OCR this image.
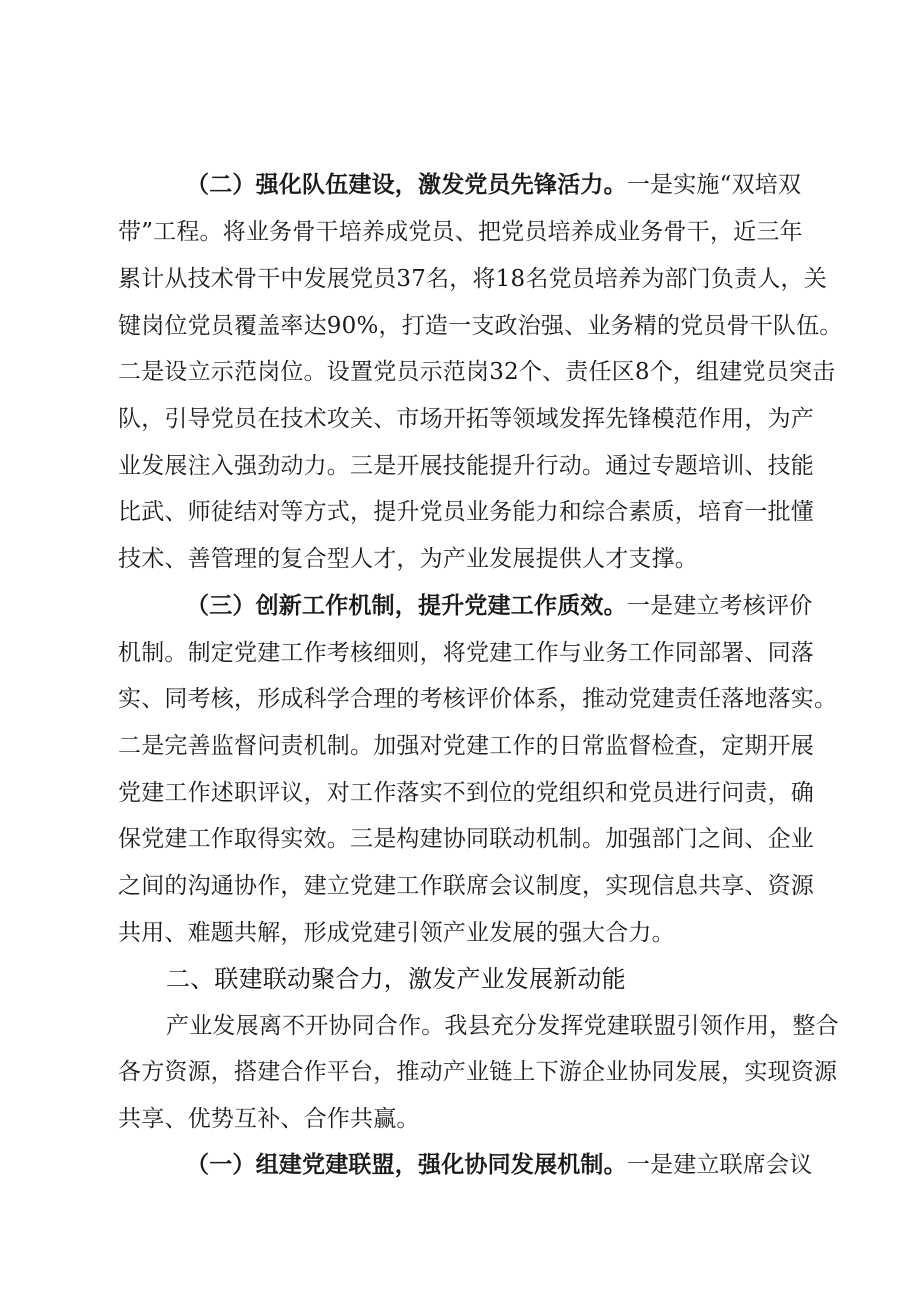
（二）强化队伍建设，激发党员先锋活力。一是实施“双培双
带”工程。将业务骨干培养成党员、把党员培养成业务骨干，近三年
累计从技术骨干中发展党员37名，将18名党员培养为部门负责人，关
键岗位党员覆盖率达90%，打造一支政治强、业务精的党员骨干队伍。
二是设立示范岗位。设置党员示范岗32个、责任区8个，组建党员突击
队，引导党员在技术攻关、市场开拓等领域发挥先锋模范作用，为产
业发展注入强劲动力。三是开展技能提升行动。通过专题培训、技能
比武、师徒结对等方式，提升党员业务能力和综合素质，培育一批懂
技术、善管理的复合型人才，为产业发展提供人才支撑。
（三）创新工作机制，提升党建工作质效。一是建立考核评价
机制。制定党建工作考核细则，将党建工作与业务工作同部署、同落
实、同考核，形成科学合理的考核评价体系，推动党建责任落地落实。
二是完善监督问责机制。加强对党建工作的日常监督检查，定期开展
党建工作述职评议，对工作落实不到位的党组织和党员进行问责，确
保党建工作取得实效。三是构建协同联动机制。加强部门之间、企业
之间的沟通协作，建立党建工作联席会议制度，实现信息共享、资源
共用、难题共解，形成党建引领产业发展的强大合力。
二、联建联动聚合力，激发产业发展新动能
产业发展离不开协同合作。我县充分发挥党建联盟引领作用，整合
各方资源，搭建合作平台，推动产业链上下游企业协同发展，实现资源
共享、优势互补、合作共赢。
（一）组建党建联盟，强化协同发展机制。一是建立联席会议
